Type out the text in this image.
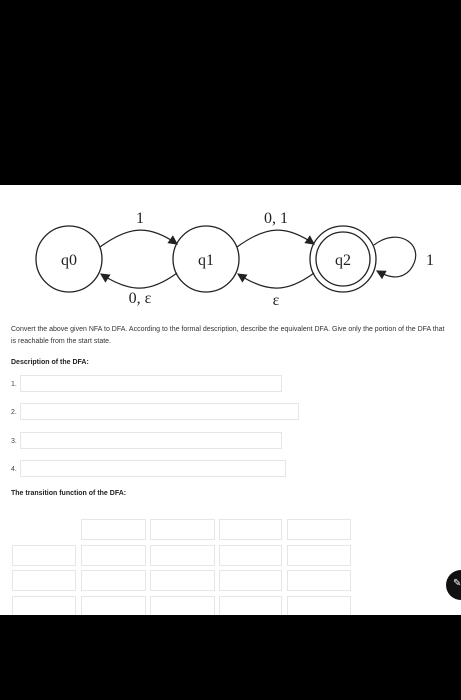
q0	q1	q2
1
0, ε
0, 1
ε
1
Convert the above given NFA to DFA. According to the formal description, describe the equivalent DFA. Give only the portion of the DFA that is reachable from the start state.
Description of the DFA:
1.
2.
3.
4.
The transition function of the DFA:
✎
